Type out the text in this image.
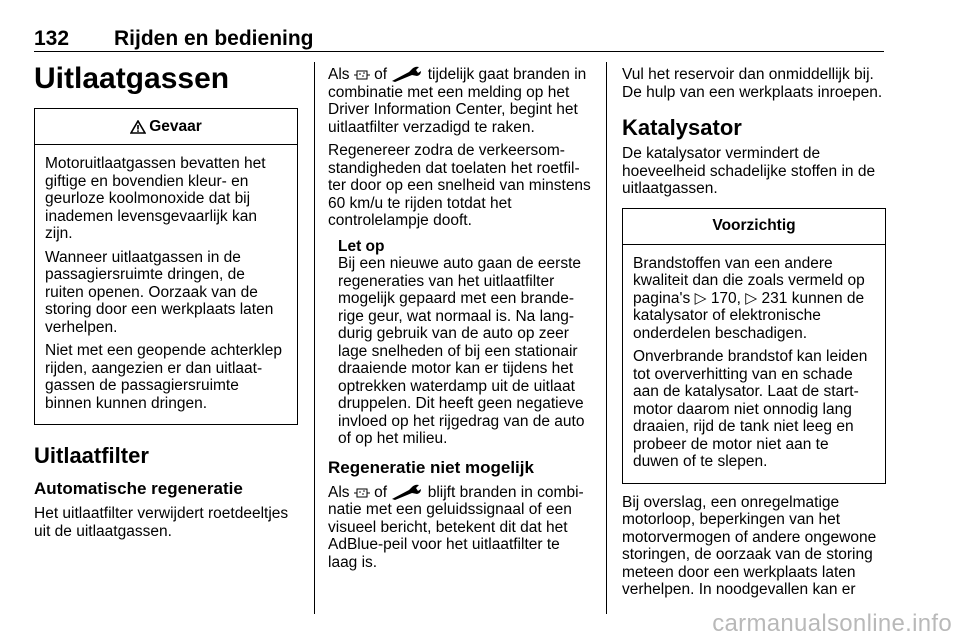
132 Rijden en bediening
Uitlaatgassen
Gevaar

Motoruitlaatgassen bevatten het giftige en bovendien kleur- en geurloze koolmonoxide dat bij inademen levensgevaarlijk kan zijn.

Wanneer uitlaatgassen in de passagiersruimte dringen, de ruiten openen. Oorzaak van de storing door een werkplaats laten verhelpen.

Niet met een geopende achterklep rijden, aangezien er dan uitlaat-gassen de passagiersruimte binnen kunnen dringen.

Uitlaatfilter
Automatische regeneratie

Het uitlaatfilter verwijdert roetdeeltjes uit de uitlaatgassen.

Als of	tijdelijk gaat branden in combinatie met een melding op het Driver Information Center, begint het uitlaatfilter verzadigd te raken.

Regenereer zodra de verkeersom-standigheden dat toelaten het roetfil-ter door op een snelheid van minstens 60 km/u te rijden totdat het controlelampje dooft.

Let op
Bij een nieuwe auto gaan de eerste regeneraties van het uitlaatfilter mogelijk gepaard met een brande-rige geur, wat normaal is. Na lang-durig gebruik van de auto op zeer lage snelheden of bij een stationair draaiende motor kan er tijdens het optrekken waterdamp uit de uitlaat druppelen. Dit heeft geen negatieve invloed op het rijgedrag van de auto of op het milieu.
Regeneratie niet mogelijk

Als of	blijft branden in combi-natie met een geluidssignaal of een visueel bericht, betekent dit dat het AdBlue-peil voor het uitlaatfilter te laag is.

Vul het reservoir dan onmiddellijk bij. De hulp van een werkplaats inroepen.

Katalysator

De katalysator vermindert de hoeveelheid schadelijke stoffen in de uitlaatgassen.

Voorzichtig

Brandstoffen van een andere kwaliteit dan die zoals vermeld op pagina's ▷ 170, ▷ 231 kunnen de katalysator of elektronische onderdelen beschadigen.

Onverbrande brandstof kan leiden tot oververhitting van en schade aan de katalysator. Laat de start-motor daarom niet onnodig lang draaien, rijd de tank niet leeg en probeer de motor niet aan te duwen of te slepen.

Bij overslag, een onregelmatige motorloop, beperkingen van het motorvermogen of andere ongewone storingen, de oorzaak van de storing meteen door een werkplaats laten verhelpen. In noodgevallen kan er

carmanualsonline.info
